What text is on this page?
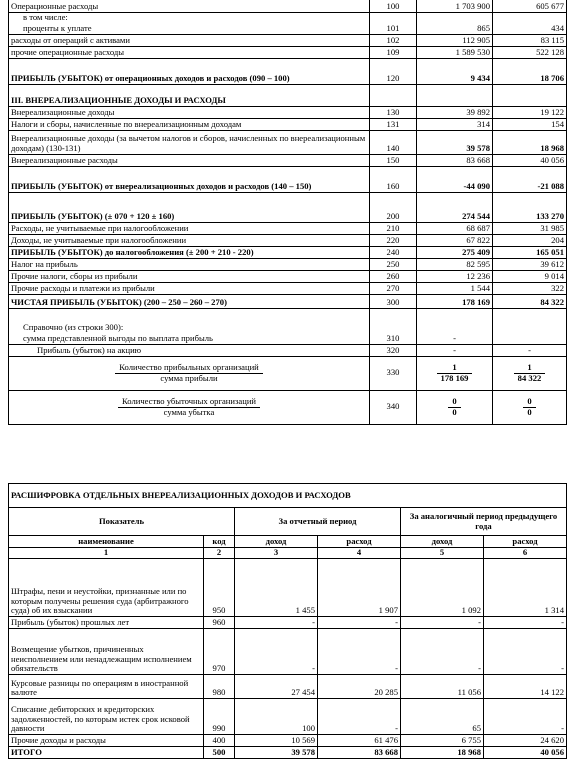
Операционные расходы	100	1 703 900	605 677
в том числе:			
проценты к уплате	101	865	434
расходы от операций с активами	102	112 905	83 115
прочие операционные расходы	109	1 589 530	522 128
ПРИБЫЛЬ (УБЫТОК) от операционных доходов и расходов (090 – 100)	120	9 434	18 706
III. ВНЕРЕАЛИЗАЦИОННЫЕ ДОХОДЫ И РАСХОДЫ			
Внереализационные доходы	130	39 892	19 122
Налоги и сборы, начисленные по внереализационным доходам	131	314	154
Внереализационные доходы (за вычетом налогов и сборов, начисленных по внереализационным доходам) (130-131)	140	39 578	18 968
Внереализационные расходы	150	83 668	40 056
ПРИБЫЛЬ (УБЫТОК) от внереализационных доходов и расходов (140 – 150)	160	-44 090	-21 088
ПРИБЫЛЬ (УБЫТОК) (± 070 + 120 ± 160)	200	274 544	133 270
Расходы, не учитываемые при налогообложении	210	68 687	31 985
Доходы, не учитываемые при налогообложении	220	67 822	204
ПРИБЫЛЬ (УБЫТОК) до налогообложения (± 200 + 210 - 220)	240	275 409	165 051
Налог на прибыль	250	82 595	39 612
Прочие налоги, сборы из прибыли	260	12 236	9 014
Прочие расходы и платежи из прибыли	270	1 544	322
ЧИСТАЯ ПРИБЫЛЬ (УБЫТОК) (200 – 250 – 260 – 270)	300	178 169	84 322
Справочно (из строки 300):			
сумма представленной выгоды по выплата прибыль	310	-	
Прибыль (убыток) на акцию	320	-	-

$\frac{\text{Количество прибыльных организаций}}{\text{сумма прибыли}}$	330	$\frac{1}{178 169}$	$\frac{1}{84 322}$

$\frac{\text{Количество убыточных организаций}}{\text{сумма убытка}}$	340	$\frac{0}{0}$	$\frac{0}{0}$
РАСШИФРОВКА ОТДЕЛЬНЫХ ВНЕРЕАЛИЗАЦИОННЫХ ДОХОДОВ И РАСХОДОВ					
Показатель		За отчетный период		За аналогичный период предыдущего года	
наименование	код	доход	расход	доход	расход
1	2	3	4	5	6
Штрафы, пени и неустойки, признанные или по которым получены решения суда (арбитражного суда) об их взыскании	950	1 455	1 907	1 092	1 314
Прибыль (убыток) прошлых лет	960	-	-	-	-
Возмещение убытков, причиненных неисполнением или ненадлежащим исполнением обязательств	970	-	-	-	-
Курсовые разницы по операциям в иностранной валюте	980	27 454	20 285	11 056	14 122
Списание дебиторских и кредиторских задолженностей, по которым истек срок исковой давности	990	100	-	65	-
Прочие доходы и расходы	400	10 569	61 476	6 755	24 620
ИТОГО	500	39 578	83 668	18 968	40 056
